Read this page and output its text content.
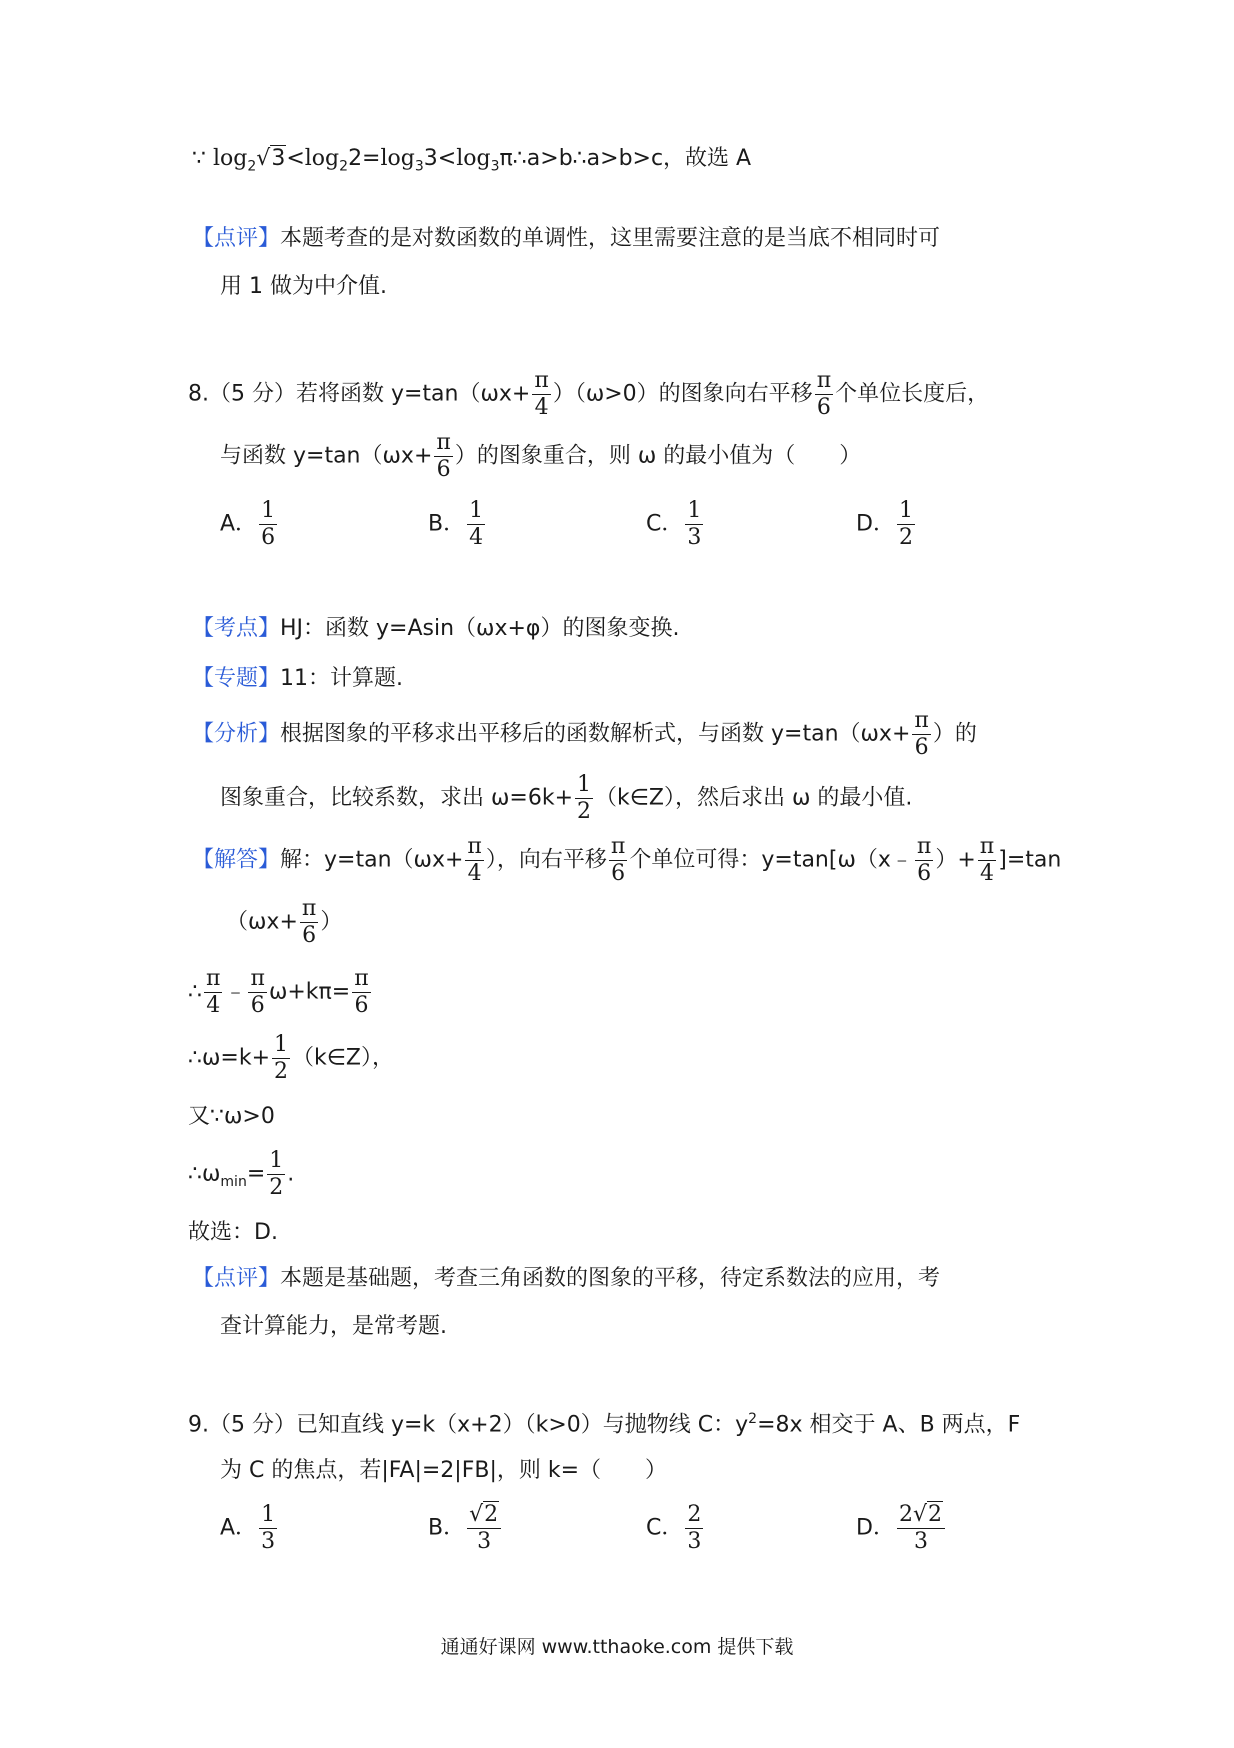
∵ $\log_2√3<\log_22=\log_33<\log_3\pi\therefore a>b\therefore a>b>c$，故选 A
【点评】本题考查的是对数函数的单调性，这里需要注意的是当底不相同时可
用 1 做为中介值.
8.（5 分）若将函数 $y=\tan(\omega x+ \frac{\pi}{4} )(\omega>0)$的图象向右平移 $\frac{\pi}{6}$ 个单位长度后，
与函数 $y=\tan(\omega x+ \frac{\pi}{6}$ ）的图象重合，则 ω 的最小值为（　　）
A． $\frac{1}{6}$	B． $\frac{1}{4}$	C． $\frac{1}{3}$	D． $\frac{1}{2}$
【考点】HJ：函数 y=Asin（ωx+φ）的图象变换.
【专题】11：计算题.
【分析】根据图象的平移求出平移后的函数解析式，与函数 $y=\tan(\omega x+ \frac{\pi}{6}$ ）的
图象重合，比较系数，求出 $\omega=6k+ \frac{1}{2}$ （k∈Z），然后求出 ω 的最小值.
【解答】解：$y=\tan(\omega x+ \frac{\pi}{4}$ ），向右平移 $\frac{\pi}{6}$ 个单位可得：y=tan[ω（x﹣ $\frac{\pi}{6}$ ）+ $\frac{\pi}{4} ]=\tan$
（$\omega x+ \frac{\pi}{6}$ ）
∴ $\frac{\pi}{4}$ ﹣ $\frac{\pi}{6} \omega+k\pi= \frac{\pi}{6}$
∴ω=k+ $\frac{1}{2}$ （k∈Z），
又∵ω>0
$\therefore\omega_{min}= \frac{1}{2}$ .
故选：D.
【点评】本题是基础题，考查三角函数的图象的平移，待定系数法的应用，考
查计算能力，是常考题.
9.（5 分）已知直线 y=k（x+2）（k>0）与抛物线 C：$y^2=8x$ 相交于 A、B 两点，F
为 C 的焦点，若|FA|=2|FB|，则 k=（　　）
A． $\frac{1}{3}$	B． $\frac{√2}{3}$	C． $\frac{2}{3}$	D． $\frac{2√2}{3}$
通通好课网 www.tthaoke.com 提供下载
